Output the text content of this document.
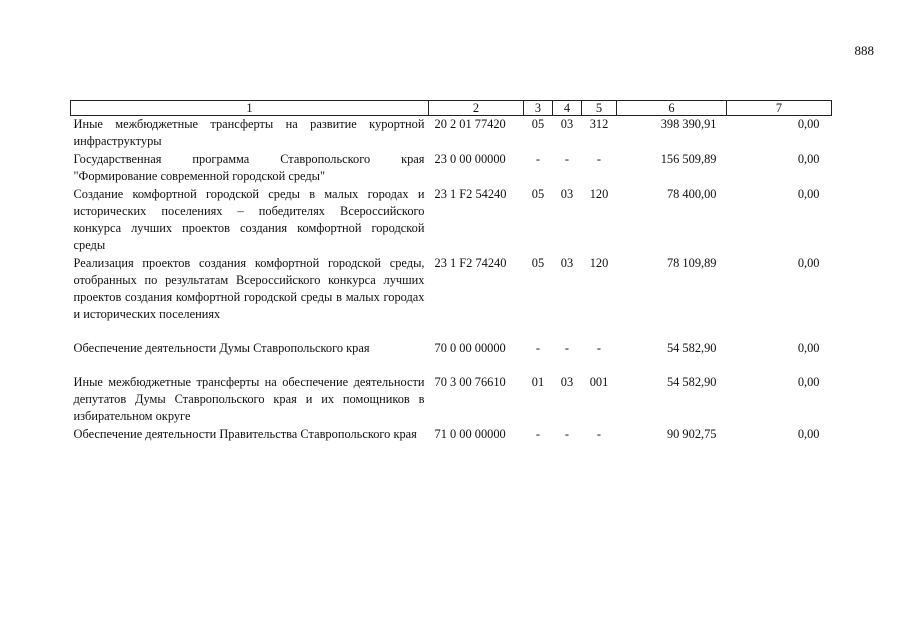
888
1	2	3	4	5	6	7
Иные межбюджетные трансферты на развитие курортной инфраструктуры	20 2 01 77420	05	03	312	398 390,91	0,00
Государственная программа Ставропольского края "Формирование современной городской среды"	23 0 00 00000	-	-	-	156 509,89	0,00
Создание комфортной городской среды в малых городах и исторических поселениях – победителях Всероссийского конкурса лучших проектов создания комфортной городской среды	23 1 F2 54240	05	03	120	78 400,00	0,00
Реализация проектов создания комфортной городской среды, отобранных по результатам Всероссийского конкурса лучших проектов создания комфортной городской среды в малых городах и исторических поселениях	23 1 F2 74240	05	03	120	78 109,89	0,00
Обеспечение деятельности Думы Ставропольского края	70 0 00 00000	-	-	-	54 582,90	0,00
Иные межбюджетные трансферты на обеспечение деятельности депутатов Думы Ставропольского края и их помощников в избирательном округе	70 3 00 76610	01	03	001	54 582,90	0,00
Обеспечение деятельности Правительства Ставропольского края	71 0 00 00000	-	-	-	90 902,75	0,00
